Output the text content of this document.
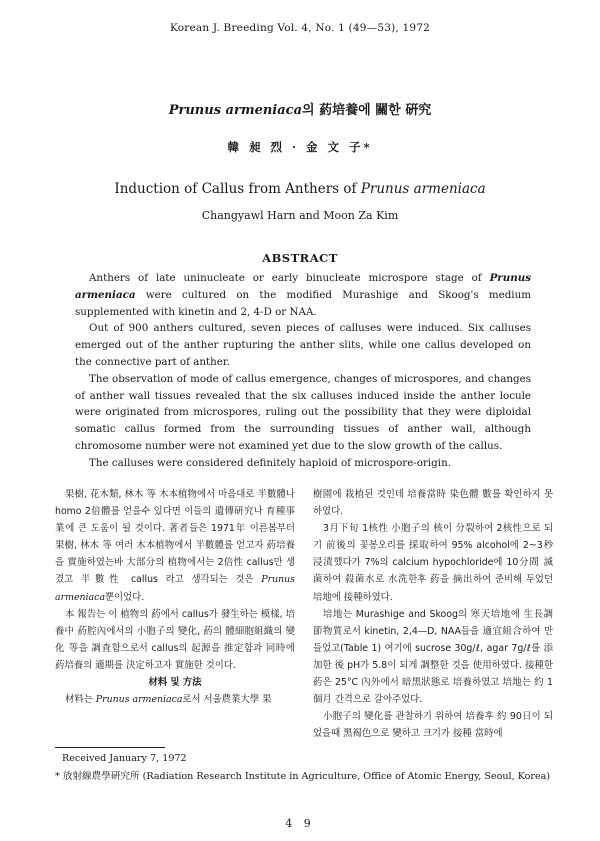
Korean J. Breeding Vol. 4, No. 1 (49—53), 1972
Prunus armeniaca의 葯培養에 關한 硏究
韓 昶 烈 · 金 文 子*
Induction of Callus from Anthers of Prunus armeniaca
Changyawl Harn and Moon Za Kim
ABSTRACT

Anthers of late uninucleate or early binucleate microspore stage of Prunus armeniaca were cultured on the modified Murashige and Skoog's medium supplemented with kinetin and 2, 4-D or NAA.

Out of 900 anthers cultured, seven pieces of calluses were induced. Six calluses emerged out of the anther rupturing the anther slits, while one callus developed on the connective part of anther.

The observation of mode of callus emergence, changes of microspores, and changes of anther wall tissues revealed that the six calluses induced inside the anther locule were originated from microspores, ruling out the possibility that they were diploidal somatic callus formed from the surrounding tissues of anther wall, although chromosome number were not examined yet due to the slow growth of the callus.

The calluses were considered definitely haploid of microspore-origin.

果樹, 花木類, 林木 等 木本植物에서 마음대로 半數體나 homo 2倍體를 얻을수 있다면 이들의 遺傳硏究나 育種事業에 큰 도움이 될 것이다. 著者들은 1971年 이른봄부터 果樹, 林木 等 여러 木本植物에서 半數體를 얻고자 葯培養을 實施하였는바 大部分의 植物에서는 2倍性 callus만 생겼고 半數性 callus 라고 생각되는 것은 Prunus armeniaca뿐이었다.

本 報告는 이 植物의 葯에서 callus가 發生하는 模樣, 培養中 葯腔內에서의 小胞子의 變化, 葯의 體細胞組織의 變化 等을 調査함으로서 callus의 起源을 推定함과 同時에 葯培養의 適期를 決定하고자 實施한 것이다.

材料 및 方法

材料는 Prunus armeniaca로서 서울農業大學 果

樹園에 栽植된 것인데 培養當時 染色體 數를 확인하지 못하였다.

3月下旬 1核性 小胞子의 核이 分裂하여 2核性으로 되기 前後의 꽃봉오리를 採取하여 95% alcohol에 2~3秒 浸漬했다가 7%의 calcium hypochloride에 10分間 滅菌하여 殺菌水로 水洗한후 葯을 摘出하여 준비해 두었던 培地에 接種하였다.

培地는 Murashige and Skoog의 寒天培地에 生長調節物質로서 kinetin, 2,4—D, NAA들을 適宜組合하여 만들었고(Table 1) 여기에 sucrose 30g/ℓ, agar 7g/ℓ를 添加한 後 pH가 5.8이 되게 調整한 것을 使用하였다. 接種한 葯은 25°C 內外에서 暗黑狀態로 培養하였고 培地는 約 1個月 간격으로 갈아주었다.

小胞子의 變化를 관찰하기 위하여 培養후 約 90日이 되었을때 黑褐色으로 變하고 크기가 接種 當時에

Received January 7, 1972
* 放射線農學硏究所 (Radiation Research Institute in Agriculture, Office of Atomic Energy, Seoul, Korea)
4 9
